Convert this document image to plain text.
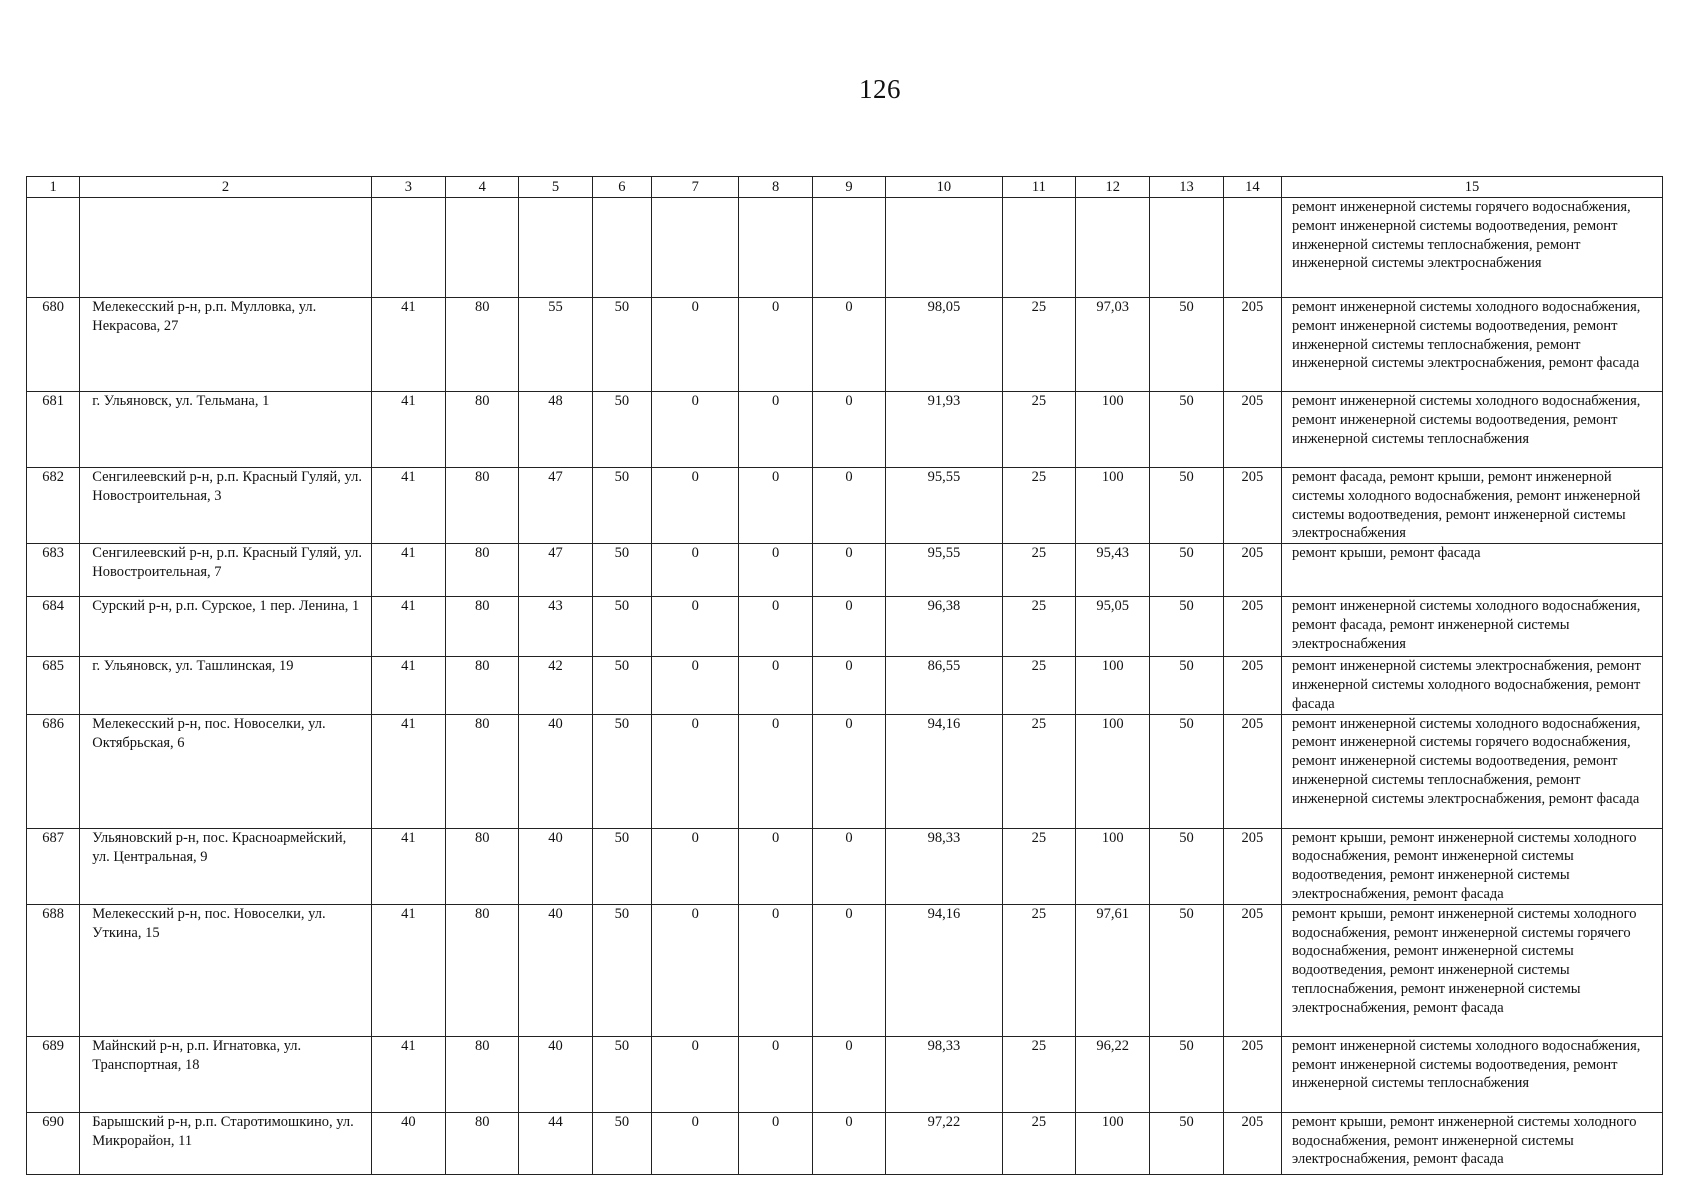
126
1	2	3	4	5	6	7	8	9	10	11	12	13	14	15
														ремонт инженерной системы горячего водоснабжения, ремонт инженерной системы водоотведения, ремонт инженерной системы теплоснабжения, ремонт инженерной системы электроснабжения
680	Мелекесский р-н, р.п. Мулловка, ул. Некрасова, 27	41	80	55	50	0	0	0	98,05	25	97,03	50	205	ремонт инженерной системы холодного водоснабжения, ремонт инженерной системы водоотведения, ремонт инженерной системы теплоснабжения, ремонт инженерной системы электроснабжения, ремонт фасада
681	г. Ульяновск, ул. Тельмана, 1	41	80	48	50	0	0	0	91,93	25	100	50	205	ремонт инженерной системы холодного водоснабжения, ремонт инженерной системы водоотведения, ремонт инженерной системы теплоснабжения
682	Сенгилеевский р-н, р.п. Красный Гуляй, ул. Новостроительная, 3	41	80	47	50	0	0	0	95,55	25	100	50	205	ремонт фасада, ремонт крыши, ремонт инженерной системы холодного водоснабжения, ремонт инженерной системы водоотведения, ремонт инженерной системы электроснабжения
683	Сенгилеевский р-н, р.п. Красный Гуляй, ул. Новостроительная, 7	41	80	47	50	0	0	0	95,55	25	95,43	50	205	ремонт крыши, ремонт фасада
684	Сурский р-н, р.п. Сурское, 1 пер. Ленина, 1	41	80	43	50	0	0	0	96,38	25	95,05	50	205	ремонт инженерной системы холодного водоснабжения, ремонт фасада, ремонт инженерной системы электроснабжения
685	г. Ульяновск, ул. Ташлинская, 19	41	80	42	50	0	0	0	86,55	25	100	50	205	ремонт инженерной системы электроснабжения, ремонт инженерной системы холодного водоснабжения, ремонт фасада
686	Мелекесский р-н, пос. Новоселки, ул. Октябрьская, 6	41	80	40	50	0	0	0	94,16	25	100	50	205	ремонт инженерной системы холодного водоснабжения, ремонт инженерной системы горячего водоснабжения, ремонт инженерной системы водоотведения, ремонт инженерной системы теплоснабжения, ремонт инженерной системы электроснабжения, ремонт фасада
687	Ульяновский р-н, пос. Красноармейский, ул. Центральная, 9	41	80	40	50	0	0	0	98,33	25	100	50	205	ремонт крыши, ремонт инженерной системы холодного водоснабжения, ремонт инженерной системы водоотведения, ремонт инженерной системы электроснабжения, ремонт фасада
688	Мелекесский р-н, пос. Новоселки, ул. Уткина, 15	41	80	40	50	0	0	0	94,16	25	97,61	50	205	ремонт крыши, ремонт инженерной системы холодного водоснабжения, ремонт инженерной системы горячего водоснабжения, ремонт инженерной системы водоотведения, ремонт инженерной системы теплоснабжения, ремонт инженерной системы электроснабжения, ремонт фасада
689	Майнский р-н, р.п. Игнатовка, ул. Транспортная, 18	41	80	40	50	0	0	0	98,33	25	96,22	50	205	ремонт инженерной системы холодного водоснабжения, ремонт инженерной системы водоотведения, ремонт инженерной системы теплоснабжения
690	Барышский р-н, р.п. Старотимошкино, ул. Микрорайон, 11	40	80	44	50	0	0	0	97,22	25	100	50	205	ремонт крыши, ремонт инженерной системы холодного водоснабжения, ремонт инженерной системы электроснабжения, ремонт фасада
